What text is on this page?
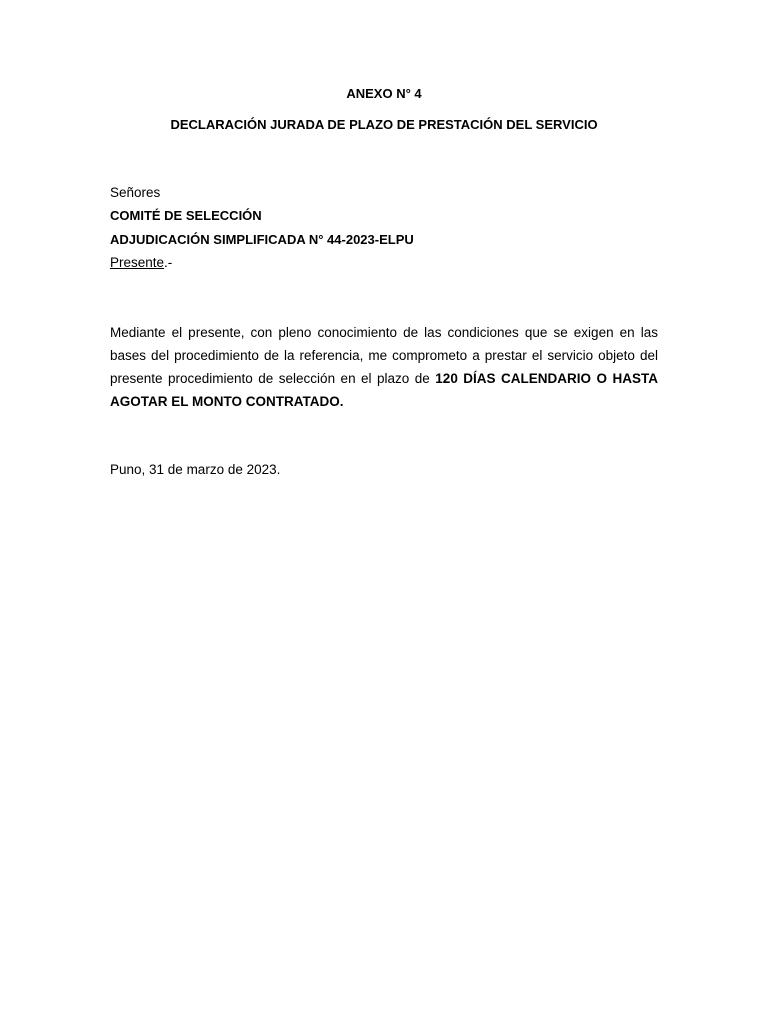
ANEXO N° 4

DECLARACIÓN JURADA DE PLAZO DE PRESTACIÓN DEL SERVICIO

Señores

COMITÉ DE SELECCIÓN

ADJUDICACIÓN SIMPLIFICADA N° 44-2023-ELPU

Presente.-

Mediante el presente, con pleno conocimiento de las condiciones que se exigen en las bases del procedimiento de la referencia, me comprometo a prestar el servicio objeto del presente procedimiento de selección en el plazo de 120 DÍAS CALENDARIO O HASTA AGOTAR EL MONTO CONTRATADO.

Puno, 31 de marzo de 2023.
